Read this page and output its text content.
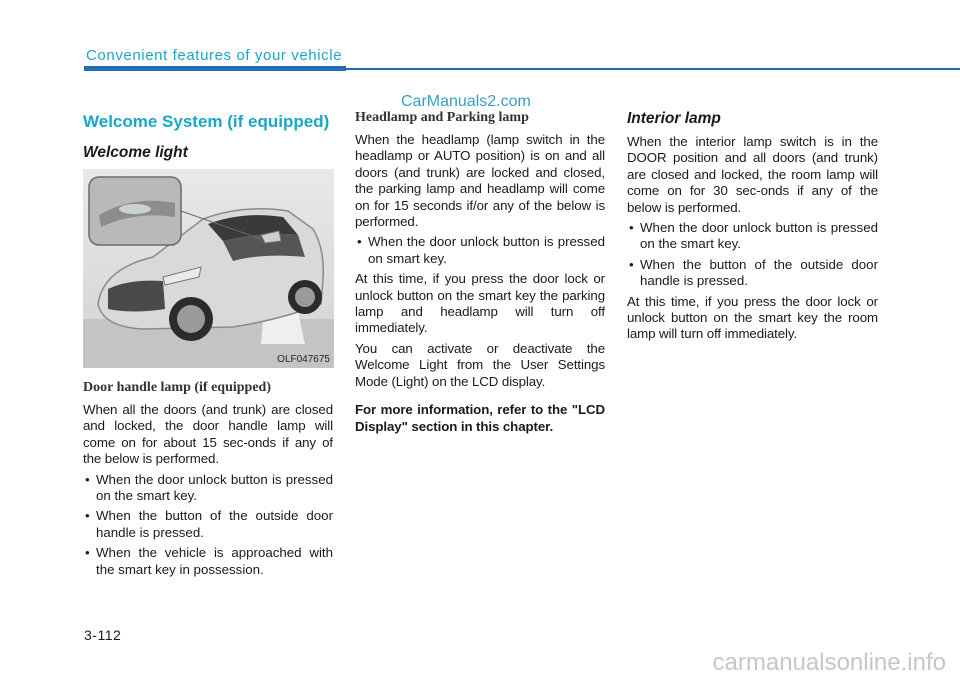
Convenient features of your vehicle
CarManuals2.com
Welcome System (if equipped)
Welcome light
OLF047675
Door handle lamp (if equipped)

When all the doors (and trunk) are closed and locked, the door handle lamp will come on for about 15 sec-onds if any of the below is performed.

• When the door unlock button is pressed on the smart key.
• When the button of the outside door handle is pressed.
• When the vehicle is approached with the smart key in possession.
Headlamp and Parking lamp

When the headlamp (lamp switch in the headlamp or AUTO position) is on and all doors (and trunk) are locked and closed, the parking lamp and headlamp will come on for 15 seconds if/or any of the below is performed.

• When the door unlock button is pressed on smart key.

At this time, if you press the door lock or unlock button on the smart key the parking lamp and headlamp will turn off immediately.

You can activate or deactivate the Welcome Light from the User Settings Mode (Light) on the LCD display.

For more information, refer to the "LCD Display" section in this chapter.

Interior lamp

When the interior lamp switch is in the DOOR position and all doors (and trunk) are closed and locked, the room lamp will come on for 30 sec-onds if any of the below is performed.

• When the door unlock button is pressed on the smart key.
• When the button of the outside door handle is pressed.

At this time, if you press the door lock or unlock button on the smart key the room lamp will turn off immediately.

3-112
carmanualsonline.info
